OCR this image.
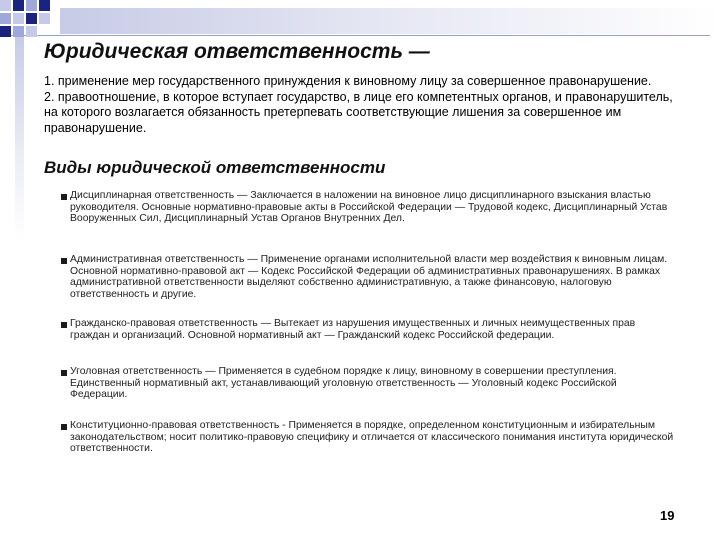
Юридическая ответственность —

1. применение мер государственного принуждения к виновному лицу за совершенное правонарушение.

2. правоотношение, в которое вступает государство, в лице его компетентных органов, и правонарушитель, на которого возлагается обязанность претерпевать соответствующие лишения за совершенное им правонарушение.

Виды юридической ответственности
Дисциплинарная ответственность — Заключается в наложении на виновное лицо дисциплинарного взыскания властью руководителя. Основные нормативно-правовые акты в Российской Федерации — Трудовой кодекс, Дисциплинарный Устав Вооруженных Сил, Дисциплинарный Устав Органов Внутренних Дел.
Административная ответственность — Применение органами исполнительной власти мер воздействия к виновным лицам. Основной нормативно-правовой акт — Кодекс Российской Федерации об административных правонарушениях. В рамках административной ответственности выделяют собственно административную, а также финансовую, налоговую ответственность и другие.
Гражданско-правовая ответственность — Вытекает из нарушения имущественных и личных неимущественных прав граждан и организаций. Основной нормативный акт — Гражданский кодекс Российской федерации.
Уголовная ответственность — Применяется в судебном порядке к лицу, виновному в совершении преступления. Единственный нормативный акт, устанавливающий уголовную ответственность — Уголовный кодекс Российской Федерации.
Конституционно-правовая ответственность - Применяется в порядке, определенном конституционным и избирательным законодательством; носит политико-правовую специфику и отличается от классического понимания института юридической ответственности.
19
